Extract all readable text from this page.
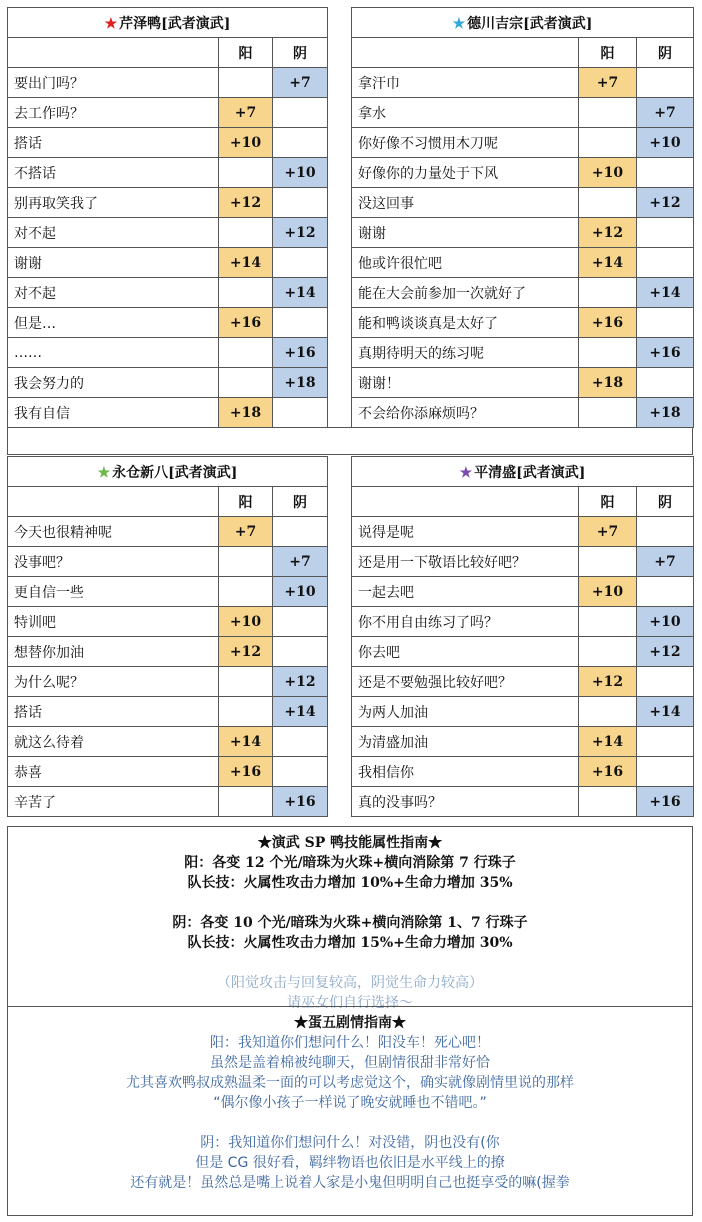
★ 芹泽鸭[武者演武]		
	阳	阴
要出门吗？		+7
去工作吗？	+7	
搭话	+10	
不搭话		+10
别再取笑我了	+12	
对不起		+12
谢谢	+14	
对不起		+14
但是…	+16	
……		+16
我会努力的		+18
我有自信	+18	
★ 德川吉宗[武者演武]		
	阳	阴
拿汗巾	+7	
拿水		+7
你好像不习惯用木刀呢		+10
好像你的力量处于下风	+10	
没这回事		+12
谢谢	+12	
他或许很忙吧	+14	
能在大会前参加一次就好了		+14
能和鸭谈谈真是太好了	+16	
真期待明天的练习呢		+16
谢谢！	+18	
不会给你添麻烦吗？		+18
★ 永仓新八[武者演武]		
	阳	阴
今天也很精神呢	+7	
没事吧？		+7
更自信一些		+10
特训吧	+10	
想替你加油	+12	
为什么呢？		+12
搭话		+14
就这么待着	+14	
恭喜	+16	
辛苦了		+16
★ 平清盛[武者演武]		
	阳	阴
说得是呢	+7	
还是用一下敬语比较好吧？		+7
一起去吧	+10	
你不用自由练习了吗？		+10
你去吧		+12
还是不要勉强比较好吧？	+12	
为两人加油		+14
为清盛加油	+14	
我相信你	+16	
真的没事吗？		+16
★演武 SP 鸭技能属性指南★
阳：各变 12 个光/暗珠为火珠+横向消除第 7 行珠子
队长技：火属性攻击力增加 10%+生命力增加 35%
阴：各变 10 个光/暗珠为火珠+横向消除第 1、7 行珠子
队长技：火属性攻击力增加 15%+生命力增加 30%
（阳觉攻击与回复较高，阴觉生命力较高）
请巫女们自行选择～
★蛋五剧情指南★
阳：我知道你们想问什么！阳没车！死心吧！
虽然是盖着棉被纯聊天，但剧情很甜非常好恰
尤其喜欢鸭叔成熟温柔一面的可以考虑觉这个，确实就像剧情里说的那样
“偶尔像小孩子一样说了晚安就睡也不错吧。”
阴：我知道你们想问什么！对没错，阴也没有(你
但是 CG 很好看，羁绊物语也依旧是水平线上的撩
还有就是！虽然总是嘴上说着人家是小鬼但明明自己也挺享受的嘛(握拳
